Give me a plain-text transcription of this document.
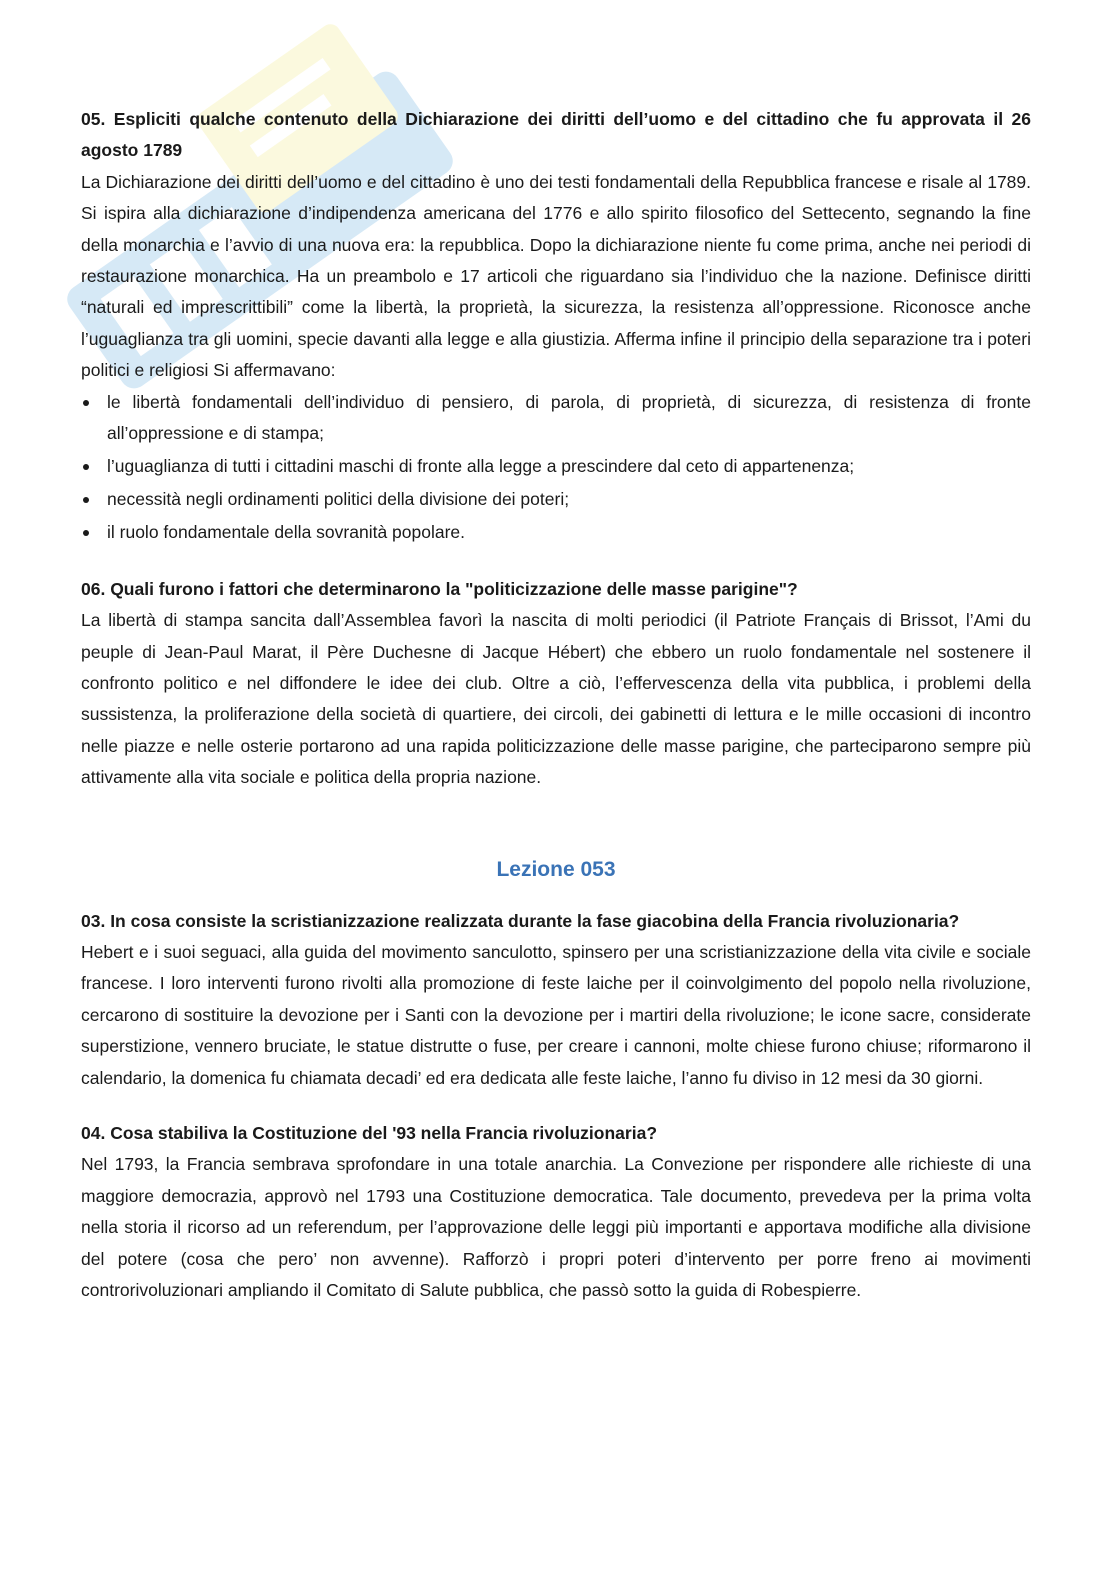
05. Espliciti qualche contenuto della Dichiarazione dei diritti dell’uomo e del cittadino che fu approvata il 26 agosto 1789

La Dichiarazione dei diritti dell’uomo e del cittadino è uno dei testi fondamentali della Repubblica francese e risale al 1789. Si ispira alla dichiarazione d’indipendenza americana del 1776 e allo spirito filosofico del Settecento, segnando la fine della monarchia e l’avvio di una nuova era: la repubblica. Dopo la dichiarazione niente fu come prima, anche nei periodi di restaurazione monarchica. Ha un preambolo e 17 articoli che riguardano sia l’individuo che la nazione. Definisce diritti “naturali ed imprescrittibili” come la libertà, la proprietà, la sicurezza, la resistenza all’oppressione. Riconosce anche l’uguaglianza tra gli uomini, specie davanti alla legge e alla giustizia. Afferma infine il principio della separazione tra i poteri politici e religiosi Si affermavano:

le libertà fondamentali dell’individuo di pensiero, di parola, di proprietà, di sicurezza, di resistenza di fronte all’oppressione e di stampa;
l’uguaglianza di tutti i cittadini maschi di fronte alla legge a prescindere dal ceto di appartenenza;
necessità negli ordinamenti politici della divisione dei poteri;
il ruolo fondamentale della sovranità popolare.

06. Quali furono i fattori che determinarono la "politicizzazione delle masse parigine"?

La libertà di stampa sancita dall’Assemblea favorì la nascita di molti periodici (il Patriote Français di Brissot, l’Ami du peuple di Jean-Paul Marat, il Père Duchesne di Jacque Hébert) che ebbero un ruolo fondamentale nel sostenere il confronto politico e nel diffondere le idee dei club. Oltre a ciò, l’effervescenza della vita pubblica, i problemi della sussistenza, la proliferazione della società di quartiere, dei circoli, dei gabinetti di lettura e le mille occasioni di incontro nelle piazze e nelle osterie portarono ad una rapida politicizzazione delle masse parigine, che parteciparono sempre più attivamente alla vita sociale e politica della propria nazione.

Lezione 053

03. In cosa consiste la scristianizzazione realizzata durante la fase giacobina della Francia rivoluzionaria?

Hebert e i suoi seguaci, alla guida del movimento sanculotto, spinsero per una scristianizzazione della vita civile e sociale francese. I loro interventi furono rivolti alla promozione di feste laiche per il coinvolgimento del popolo nella rivoluzione, cercarono di sostituire la devozione per i Santi con la devozione per i martiri della rivoluzione; le icone sacre, considerate superstizione, vennero bruciate, le statue distrutte o fuse, per creare i cannoni, molte chiese furono chiuse; riformarono il calendario, la domenica fu chiamata decadi’ ed era dedicata alle feste laiche, l’anno fu diviso in 12 mesi da 30 giorni.

04. Cosa stabiliva la Costituzione del '93 nella Francia rivoluzionaria?

Nel 1793, la Francia sembrava sprofondare in una totale anarchia. La Convezione per rispondere alle richieste di una maggiore democrazia, approvò nel 1793 una Costituzione democratica. Tale documento, prevedeva per la prima volta nella storia il ricorso ad un referendum, per l’approvazione delle leggi più importanti e apportava modifiche alla divisione del potere (cosa che pero’ non avvenne). Rafforzò i propri poteri d’intervento per porre freno ai movimenti controrivoluzionari ampliando il Comitato di Salute pubblica, che passò sotto la guida di Robespierre.
